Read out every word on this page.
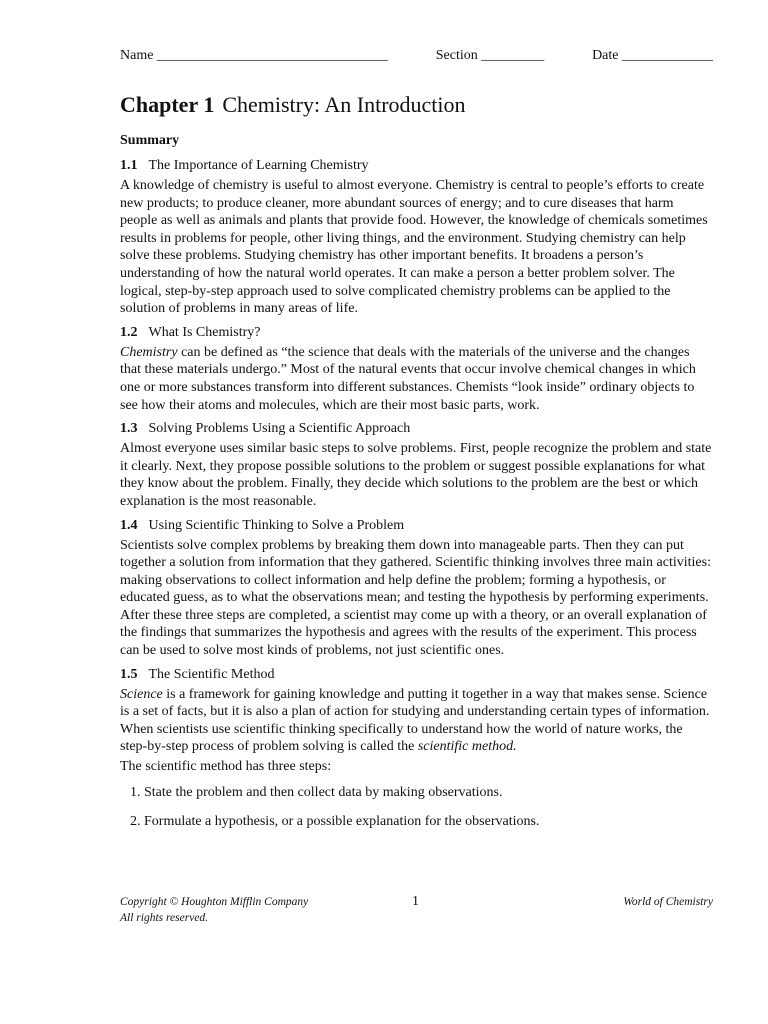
Name _________________________________	Section _________	Date _____________
Chapter 1 Chemistry: An Introduction
Summary
1.1 The Importance of Learning Chemistry

A knowledge of chemistry is useful to almost everyone. Chemistry is central to people’s efforts to create new products; to produce cleaner, more abundant sources of energy; and to cure diseases that harm people as well as animals and plants that provide food. However, the knowledge of chemicals sometimes results in problems for people, other living things, and the environment. Studying chemistry can help solve these problems. Studying chemistry has other important benefits. It broadens a person’s understanding of how the natural world operates. It can make a person a better problem solver. The logical, step-by-step approach used to solve complicated chemistry problems can be applied to the solution of problems in many areas of life.

1.2 What Is Chemistry?

Chemistry can be defined as “the science that deals with the materials of the universe and the changes that these materials undergo.” Most of the natural events that occur involve chemical changes in which one or more substances transform into different substances. Chemists “look inside” ordinary objects to see how their atoms and molecules, which are their most basic parts, work.

1.3 Solving Problems Using a Scientific Approach

Almost everyone uses similar basic steps to solve problems. First, people recognize the problem and state it clearly. Next, they propose possible solutions to the problem or suggest possible explanations for what they know about the problem. Finally, they decide which solutions to the problem are the best or which explanation is the most reasonable.

1.4 Using Scientific Thinking to Solve a Problem

Scientists solve complex problems by breaking them down into manageable parts. Then they can put together a solution from information that they gathered. Scientific thinking involves three main activities: making observations to collect information and help define the problem; forming a hypothesis, or educated guess, as to what the observations mean; and testing the hypothesis by performing experiments. After these three steps are completed, a scientist may come up with a theory, or an overall explanation of the findings that summarizes the hypothesis and agrees with the results of the experiment. This process can be used to solve most kinds of problems, not just scientific ones.

1.5 The Scientific Method

Science is a framework for gaining knowledge and putting it together in a way that makes sense. Science is a set of facts, but it is also a plan of action for studying and understanding certain types of information. When scientists use scientific thinking specifically to understand how the world of nature works, the step-by-step process of problem solving is called the scientific method.

The scientific method has three steps:
1. State the problem and then collect data by making observations.
2. Formulate a hypothesis, or a possible explanation for the observations.
Copyright © Houghton Mifflin Company
All rights reserved.
1	World of Chemistry
